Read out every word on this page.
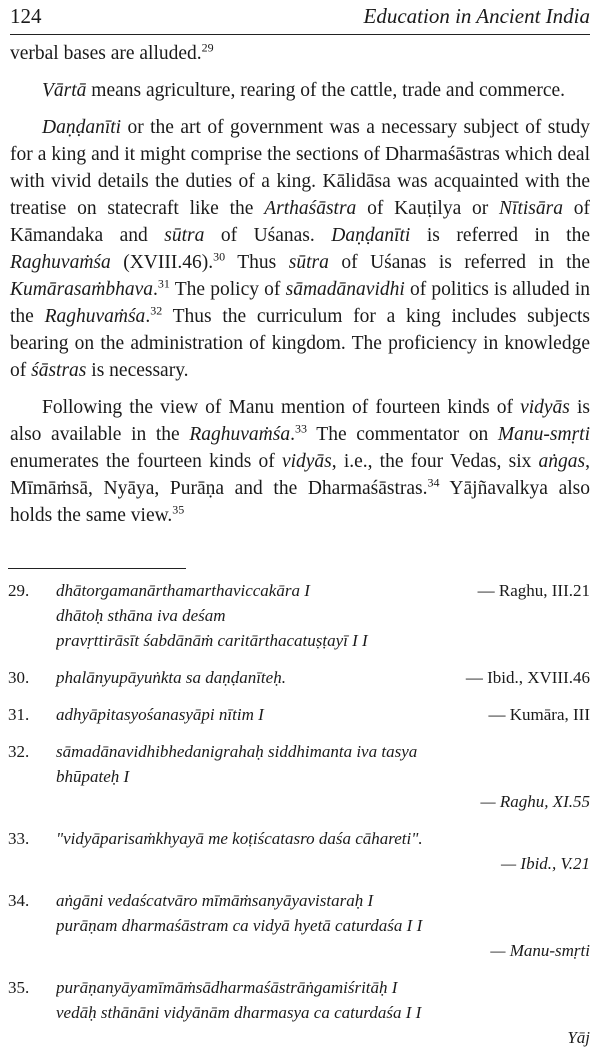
124	Education in Ancient India

verbal bases are alluded.$^{29}$

Vārtā means agriculture, rearing of the cattle, trade and commerce.

Daṇḍanīti or the art of government was a necessary subject of study for a king and it might comprise the sections of Dharmaśāstras which deal with vivid details the duties of a king. Kālidāsa was acquainted with the treatise on statecraft like the Arthaśāstra of Kauṭilya or Nītisāra of Kāmandaka and sūtra of Uśanas. Daṇḍanīti is referred in the Raghuvaṁśa (XVIII.46).$^{30}$ Thus sūtra of Uśanas is referred in the Kumārasaṁbhava.$^{31}$ The policy of sāmadānavidhi of politics is alluded in the Raghuvaṁśa.$^{32}$ Thus the curriculum for a king includes subjects bearing on the administration of kingdom. The proficiency in knowledge of śāstras is necessary.

Following the view of Manu mention of fourteen kinds of vidyās is also available in the Raghuvaṁśa.$^{33}$ The commentator on Manu-smṛti enumerates the fourteen kinds of vidyās, i.e., the four Vedas, six aṅgas, Mīmāṁsā, Nyāya, Purāṇa and the Dharmaśāstras.$^{34}$ Yājñavalkya also holds the same view.$^{35}$

29.	dhātorgamanārthamarthaviccakāra I	— Raghu, III.21
dhātoḥ sthāna iva deśam
pravṛttirāsīt śabdānāṁ caritārthacatuṣṭayī I I
30.	phalānyupāyuṅkta sa daṇḍanīteḥ.	— Ibid., XVIII.46
31.	adhyāpitasyośanasyāpi nītim I	— Kumāra, III
32.	sāmadānavidhibhedanigrahaḥ siddhimanta iva tasya
bhūpateḥ I
— Raghu, XI.55
33.	"vidyāparisaṁkhyayā me koṭiścatasro daśa cāhareti".
— Ibid., V.21
34.	aṅgāni vedaścatvāro mīmāṁsanyāyavistaraḥ I
purāṇam dharmaśāstram ca vidyā hyetā caturdaśa I I
— Manu-smṛti
35.	purāṇanyāyamīmāṁsādharmaśāstrāṅgamiśritāḥ I
vedāḥ sthānāni vidyānām dharmasya ca caturdaśa I I
Yāj
